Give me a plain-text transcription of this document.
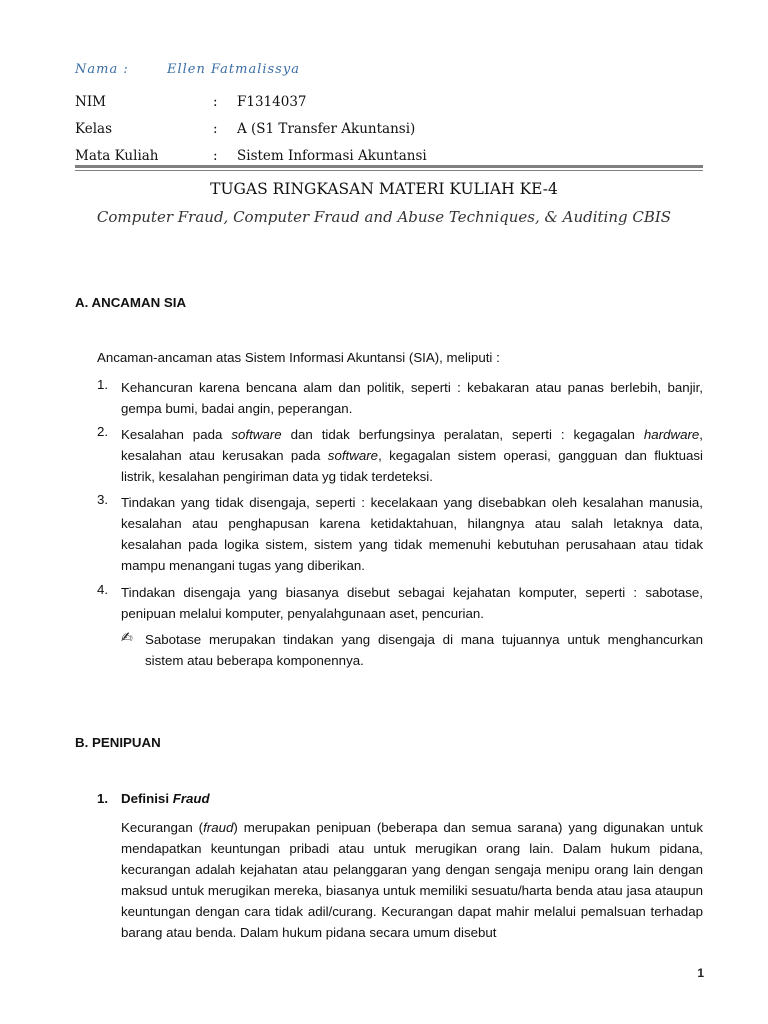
Nama :	Ellen Fatmalissya
NIM	: F1314037
Kelas	: A (S1 Transfer Akuntansi)
Mata Kuliah	: Sistem Informasi Akuntansi
TUGAS RINGKASAN MATERI KULIAH KE-4
Computer Fraud, Computer Fraud and Abuse Techniques, & Auditing CBIS
A. ANCAMAN SIA
Ancaman-ancaman atas Sistem Informasi Akuntansi (SIA), meliputi :
1. Kehancuran karena bencana alam dan politik, seperti : kebakaran atau panas berlebih, banjir, gempa bumi, badai angin, peperangan.
2. Kesalahan pada software dan tidak berfungsinya peralatan, seperti : kegagalan hardware, kesalahan atau kerusakan pada software, kegagalan sistem operasi, gangguan dan fluktuasi listrik, kesalahan pengiriman data yg tidak terdeteksi.
3. Tindakan yang tidak disengaja, seperti : kecelakaan yang disebabkan oleh kesalahan manusia, kesalahan atau penghapusan karena ketidaktahuan, hilangnya atau salah letaknya data, kesalahan pada logika sistem, sistem yang tidak memenuhi kebutuhan perusahaan atau tidak mampu menangani tugas yang diberikan.
4. Tindakan disengaja yang biasanya disebut sebagai kejahatan komputer, seperti : sabotase, penipuan melalui komputer, penyalahgunaan aset, pencurian.
✍ Sabotase merupakan tindakan yang disengaja di mana tujuannya untuk menghancurkan sistem atau beberapa komponennya.
B. PENIPUAN
1. Definisi Fraud
Kecurangan (fraud) merupakan penipuan (beberapa dan semua sarana) yang digunakan untuk mendapatkan keuntungan pribadi atau untuk merugikan orang lain. Dalam hukum pidana, kecurangan adalah kejahatan atau pelanggaran yang dengan sengaja menipu orang lain dengan maksud untuk merugikan mereka, biasanya untuk memiliki sesuatu/harta benda atau jasa ataupun keuntungan dengan cara tidak adil/curang. Kecurangan dapat mahir melalui pemalsuan terhadap barang atau benda. Dalam hukum pidana secara umum disebut
1
